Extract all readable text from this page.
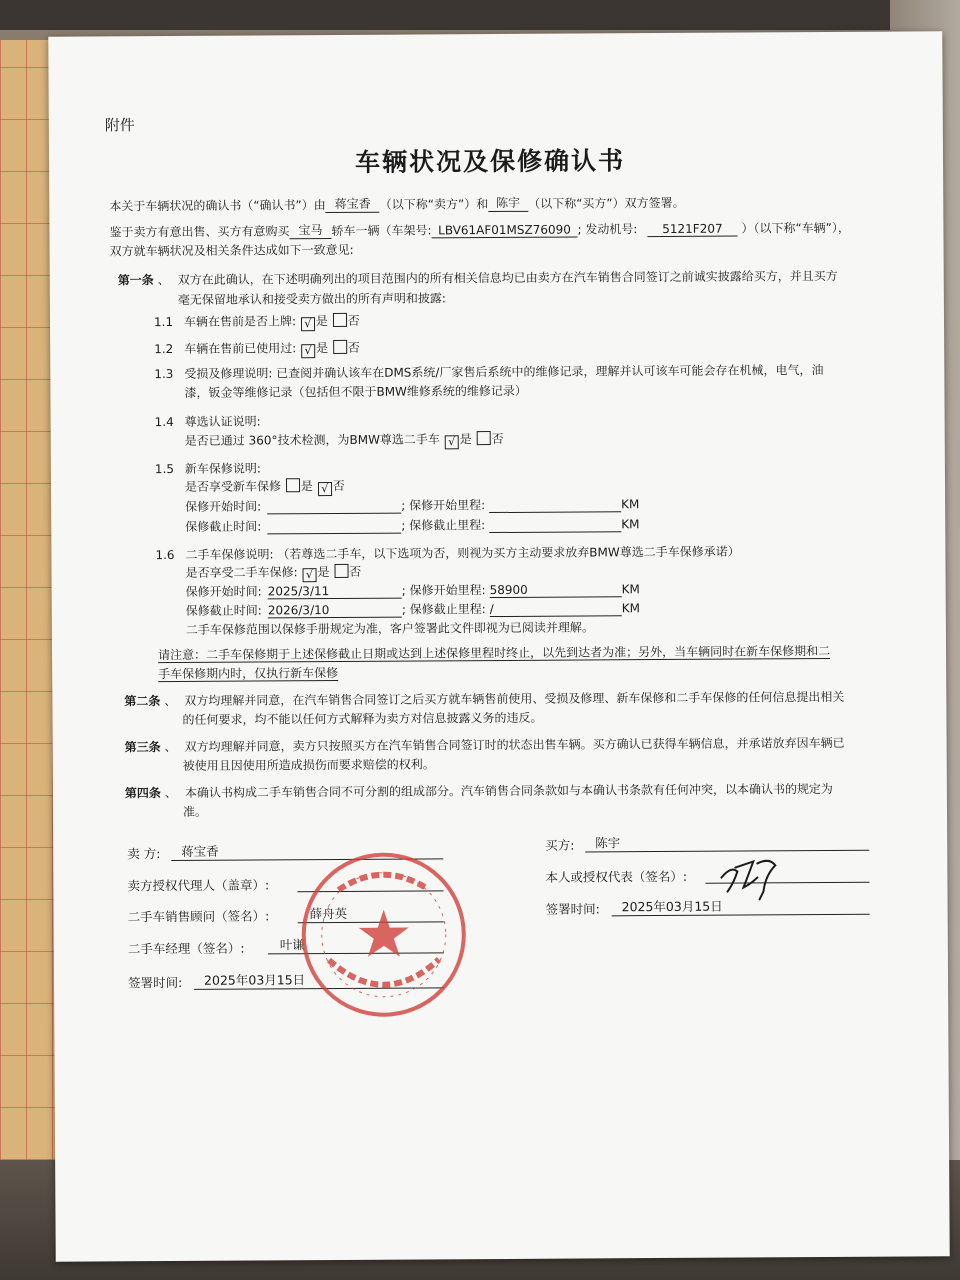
附件
车辆状况及保修确认书
本关于车辆状况的确认书（“确认书”）由 蒋宝香 （以下称“卖方”）和 陈宇 （以下称“买方”）双方签署。
鉴于卖方有意出售、买方有意购买 宝马 轿车一辆（车架号: LBV61AF01MSZ76090 ; 发动机号: 5121F207 ）（以下称“车辆”），
双方就车辆状况及相关条件达成如下一致意见:
第一条 、 双方在此确认，在下述明确列出的项目范围内的所有相关信息均已由卖方在汽车销售合同签订之前诚实披露给买方，并且买方
毫无保留地承认和接受卖方做出的所有声明和披露:
1.1 车辆在售前是否上牌: √ 是 否
1.2 车辆在售前已使用过: √ 是 否
1.3 受损及修理说明: 已查阅并确认该车在DMS系统/厂家售后系统中的维修记录，理解并认可该车可能会存在机械，电气，油
漆，钣金等维修记录（包括但不限于BMW维修系统的维修记录）
1.4 尊选认证说明:
是否已通过 360°技术检测，为BMW尊选二手车 √ 是 否
1.5 新车保修说明:
是否享受新车保修 是 √ 否
保修开始时间:	; 保修开始里程:	KM
保修截止时间:	; 保修截止里程:	KM
1.6 二手车保修说明: （若尊选二手车，以下选项为否，则视为买方主动要求放弃BMW尊选二手车保修承诺）
是否享受二手车保修: √ 是 否
保修开始时间: 2025/3/11	; 保修开始里程: 58900	KM
保修截止时间: 2026/3/10	; 保修截止里程: /	KM
二手车保修范围以保修手册规定为准，客户签署此文件即视为已阅读并理解。
请注意：二手车保修期于上述保修截止日期或达到上述保修里程时终止，以先到达者为准；另外，当车辆同时在新车保修期和二
手车保修期内时，仅执行新车保修
第二条 、 双方均理解并同意，在汽车销售合同签订之后买方就车辆售前使用、受损及修理、新车保修和二手车保修的任何信息提出相关
的任何要求，均不能以任何方式解释为卖方对信息披露义务的违反。
第三条 、 双方均理解并同意，卖方只按照买方在汽车销售合同签订时的状态出售车辆。买方确认已获得车辆信息，并承诺放弃因车辆已
被使用且因使用所造成损伤而要求赔偿的权利。
第四条 、 本确认书构成二手车销售合同不可分割的组成部分。汽车销售合同条款如与本确认书条款有任何冲突，以本确认书的规定为
准。
卖 方: 蒋宝香
卖方授权代理人（盖章）:
二手车销售顾问（签名）:	薛舟英
二手车经理（签名）:	叶谦
签署时间: 2025年03月15日
买方: 陈宇
本人或授权代表（签名）:
签署时间: 2025年03月15日
